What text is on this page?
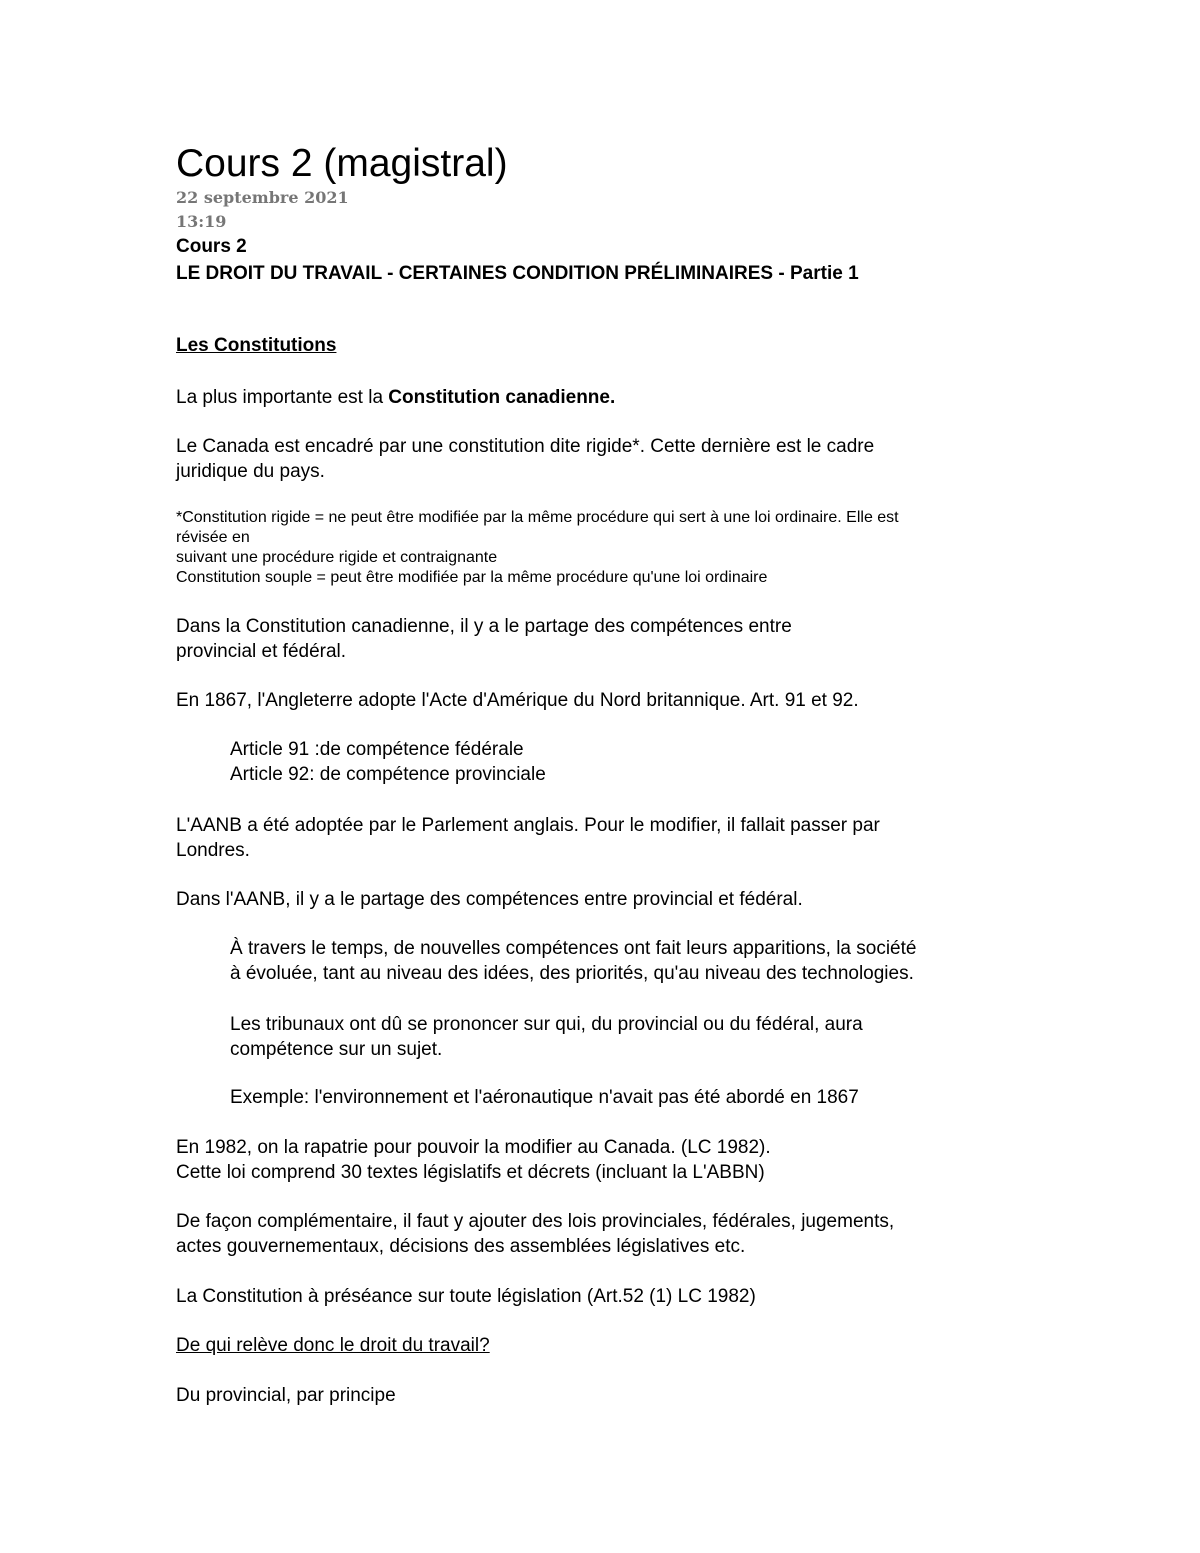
Cours 2 (magistral)
22 septembre 2021
13:19
Cours 2
LE DROIT DU TRAVAIL - CERTAINES CONDITION PRÉLIMINAIRES - Partie 1
Les Constitutions
La plus importante est la Constitution canadienne.
Le Canada est encadré par une constitution dite rigide*. Cette dernière est le cadre
juridique du pays.
*Constitution rigide = ne peut être modifiée par la même procédure qui sert à une loi ordinaire. Elle est
révisée en
suivant une procédure rigide et contraignante
Constitution souple = peut être modifiée par la même procédure qu'une loi ordinaire
Dans la Constitution canadienne, il y a le partage des compétences entre
provincial et fédéral.
En 1867, l'Angleterre adopte l'Acte d'Amérique du Nord britannique. Art. 91 et 92.
Article 91 :de compétence fédérale
Article 92: de compétence provinciale
L'AANB a été adoptée par le Parlement anglais. Pour le modifier, il fallait passer par
Londres.
Dans l'AANB, il y a le partage des compétences entre provincial et fédéral.
À travers le temps, de nouvelles compétences ont fait leurs apparitions, la société
à évoluée, tant au niveau des idées, des priorités, qu'au niveau des technologies.
Les tribunaux ont dû se prononcer sur qui, du provincial ou du fédéral, aura
compétence sur un sujet.
Exemple: l'environnement et l'aéronautique n'avait pas été abordé en 1867
En 1982, on la rapatrie pour pouvoir la modifier au Canada. (LC 1982).
Cette loi comprend 30 textes législatifs et décrets (incluant la L'ABBN)
De façon complémentaire, il faut y ajouter des lois provinciales, fédérales, jugements,
actes gouvernementaux, décisions des assemblées législatives etc.
La Constitution à préséance sur toute législation (Art.52 (1) LC 1982)
De qui relève donc le droit du travail?
Du provincial, par principe
